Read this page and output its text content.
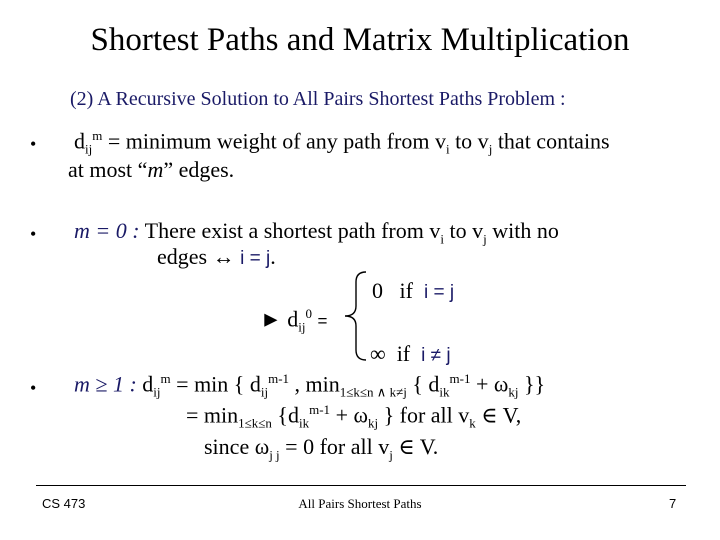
Shortest Paths and Matrix Multiplication
(2) A Recursive Solution to All Pairs Shortest Paths Problem :
• $d_{ij}^m$ = minimum weight of any path from $v_i$ to $v_j$ that contains
at most “m” edges.
• m = 0 : There exist a shortest path from $v_i$ to $v_j$ with no
edges ↔ i = j.
► $d_{ij}^0$ =
0 if i = j
∞ if i ≠ j
• m ≥ 1 : $d_{ij}^m = \min$ { $d_{ij}^{m-1}$ , $\min_{1\le k\le n \wedge k\ne j}$ { $d_{ik}^{m-1} + \omega_{kj}$ }}
= $\min_{1\le k\le n} \{d_{ik}^{m-1} + \omega_{kj}$ } for all $v_k$ ∈ V,
since $\omega_{j j} = 0$ for all $v_j$ ∈ V.
CS 473	All Pairs Shortest Paths	7
